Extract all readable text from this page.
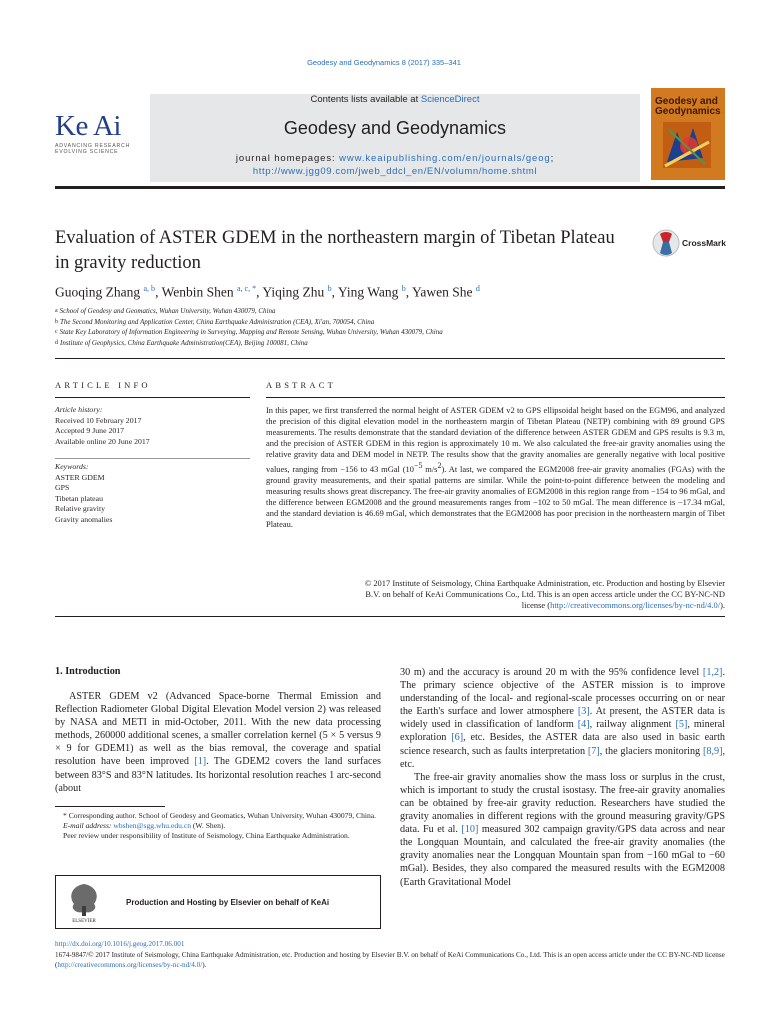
Geodesy and Geodynamics 8 (2017) 335–341
Contents lists available at ScienceDirect
Geodesy and Geodynamics
journal homepages: www.keaipublishing.com/en/journals/geog;
http://www.jgg09.com/jweb_ddcl_en/EN/volumn/home.shtml
Ke Ai
ADVANCING RESEARCH
EVOLVING SCIENCE
Geodesy and Geodynamics
Evaluation of ASTER GDEM in the northeastern margin of Tibetan Plateau in gravity reduction
CrossMark
Guoqing Zhang $^{a, b}$, Wenbin Shen $^{a, c, *}$, Yiqing Zhu $^b$, Ying Wang $^b$, Yawen She $^d$
a School of Geodesy and Geomatics, Wuhan University, Wuhan 430079, China
b The Second Monitoring and Application Center, China Earthquake Administration (CEA), Xi'an, 700054, China
c State Key Laboratory of Information Engineering in Surveying, Mapping and Remote Sensing, Wuhan University, Wuhan 430079, China
d Institute of Geophysics, China Earthquake Administration(CEA), Beijing 100081, China
ARTICLE INFO	ABSTRACT
Article history:
Received 10 February 2017
Accepted 9 June 2017
Available online 20 June 2017
Keywords:
ASTER GDEM
GPS
Tibetan plateau
Relative gravity
Gravity anomalies
In this paper, we first transferred the normal height of ASTER GDEM v2 to GPS ellipsoidal height based on the EGM96, and analyzed the precision of this digital elevation model in the northeastern margin of Tibetan Plateau (NETP) combining with 89 ground GPS measurements. The results demonstrate that the standard deviation of the difference between ASTER GDEM and GPS results is 9.3 m, and the precision of ASTER GDEM in this region is approximately 10 m. We also calculated the free-air gravity anomalies using the relative gravity data and DEM model in NETP. The results show that the gravity anomalies are generally negative with local positive values, ranging from −156 to 43 mGal ($10^{-5}$ $m/s^2$). At last, we compared the EGM2008 free-air gravity anomalies (FGAs) with the ground gravity measurements, and their spatial patterns are similar. While the point-to-point difference between the modeling and measuring results shows great discrepancy. The free-air gravity anomalies of EGM2008 in this region range from −154 to 96 mGal, and the difference between EGM2008 and the ground measurements ranges from −102 to 50 mGal. The mean difference is −17.34 mGal, and the standard deviation is 46.69 mGal, which demonstrates that the EGM2008 has poor precision in the northeastern margin of Tibet Plateau.
© 2017 Institute of Seismology, China Earthquake Administration, etc. Production and hosting by Elsevier
B.V. on behalf of KeAi Communications Co., Ltd. This is an open access article under the CC BY-NC-ND
license (http://creativecommons.org/licenses/by-nc-nd/4.0/).
1. Introduction

ASTER GDEM v2 (Advanced Space-borne Thermal Emission and Reflection Radiometer Global Digital Elevation Model version 2) was released by NASA and METI in mid-October, 2011. With the new data processing methods, 260000 additional scenes, a smaller correlation kernel (5 × 5 versus 9 × 9 for GDEM1) as well as the bias removal, the coverage and spatial resolution have been improved [1]. The GDEM2 covers the land surfaces between 83°S and 83°N latitudes. Its horizontal resolution reaches 1 arc-second (about

30 m) and the accuracy is around 20 m with the 95% confidence level [1,2]. The primary science objective of the ASTER mission is to improve understanding of the local- and regional-scale processes occurring on or near the Earth's surface and lower atmosphere [3]. At present, the ASTER data is widely used in classification of landform [4], railway alignment [5], mineral exploration [6], etc. Besides, the ASTER data are also used in basic earth science research, such as faults interpretation [7], the glaciers monitoring [8,9], etc.

The free-air gravity anomalies show the mass loss or surplus in the crust, which is important to study the crustal isostasy. The free-air gravity anomalies can be obtained by free-air gravity reduction. Researchers have studied the gravity anomalies in different regions with the ground measuring gravity/GPS data. Fu et al. [10] measured 302 campaign gravity/GPS data across and near the Longquan Mountain, and calculated the free-air gravity anomalies (the gravity anomalies near the Longquan Mountain span from −160 mGal to −60 mGal). Besides, they also compared the measured results with the EGM2008 (Earth Gravitational Model

* Corresponding author. School of Geodesy and Geomatics, Wuhan University, Wuhan 430079, China.
E-mail address: wbshen@sgg.whu.edu.cn (W. Shen).
Peer review under responsibility of Institute of Seismology, China Earthquake Administration.
ELSEVIER
Production and Hosting by Elsevier on behalf of KeAi
http://dx.doi.org/10.1016/j.geog.2017.06.001
1674-9847/© 2017 Institute of Seismology, China Earthquake Administration, etc. Production and hosting by Elsevier B.V. on behalf of KeAi Communications Co., Ltd. This is an open access article under the CC BY-NC-ND license (http://creativecommons.org/licenses/by-nc-nd/4.0/).
